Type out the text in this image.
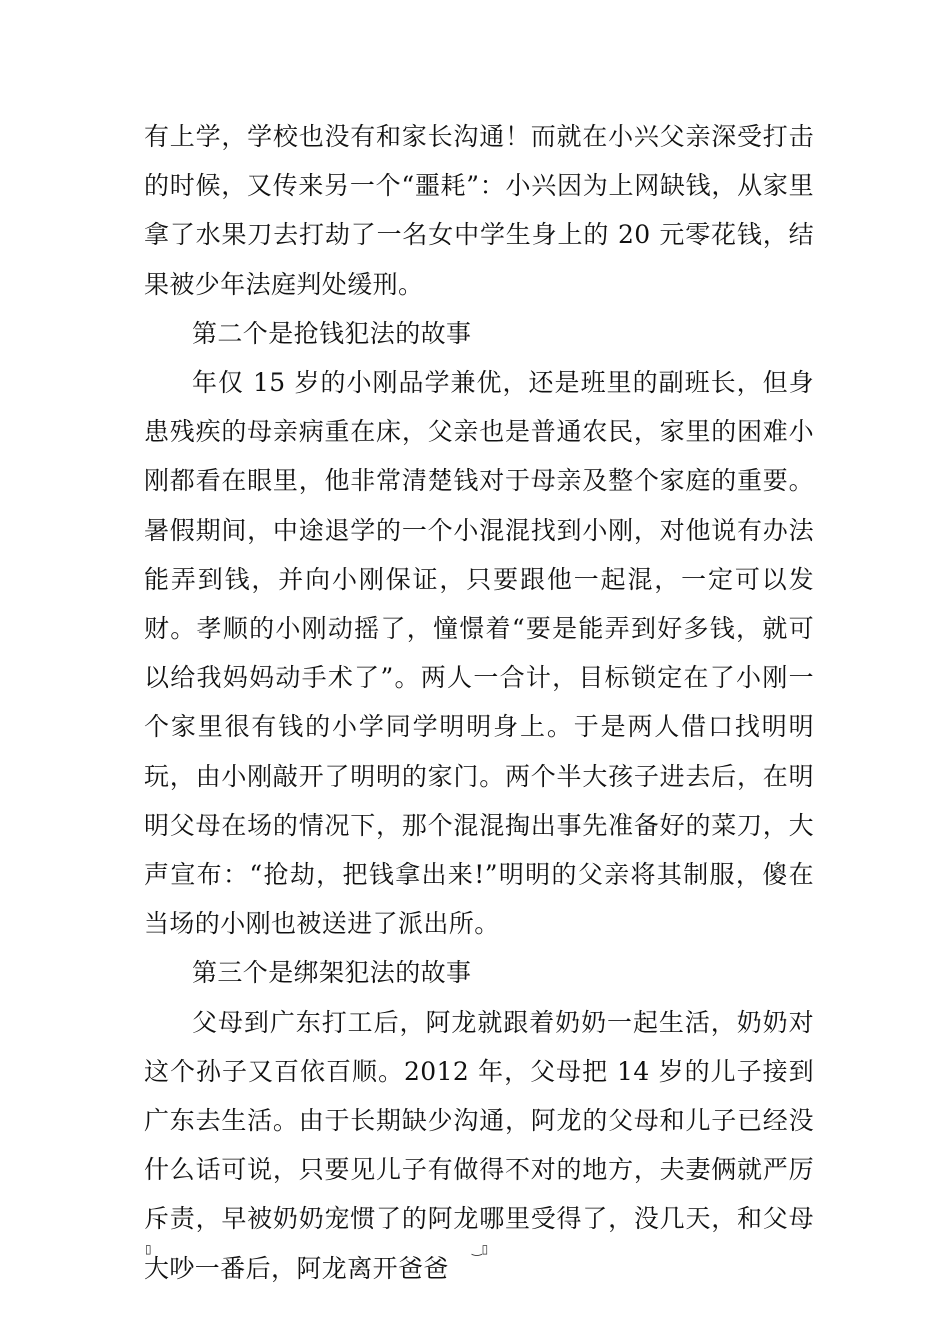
有上学，学校也没有和家长沟通！而就在小兴父亲深受打击的时候，又传来另一个“噩耗”：小兴因为上网缺钱，从家里拿了水果刀去打劫了一名女中学生身上的 20 元零花钱，结果被少年法庭判处缓刑。

第二个是抢钱犯法的故事

年仅 15 岁的小刚品学兼优，还是班里的副班长，但身患残疾的母亲病重在床，父亲也是普通农民，家里的困难小刚都看在眼里，他非常清楚钱对于母亲及整个家庭的重要。暑假期间，中途退学的一个小混混找到小刚，对他说有办法能弄到钱，并向小刚保证，只要跟他一起混，一定可以发财。孝顺的小刚动摇了，憧憬着“要是能弄到好多钱，就可以给我妈妈动手术了”。两人一合计，目标锁定在了小刚一个家里很有钱的小学同学明明身上。于是两人借口找明明玩，由小刚敲开了明明的家门。两个半大孩子进去后，在明明父母在场的情况下，那个混混掏出事先准备好的菜刀，大声宣布：“抢劫，把钱拿出来!”明明的父亲将其制服，傻在当场的小刚也被送进了派出所。

第三个是绑架犯法的故事

父母到广东打工后，阿龙就跟着奶奶一起生活，奶奶对这个孙子又百依百顺。2012 年，父母把 14 岁的儿子接到广东去生活。由于长期缺少沟通，阿龙的父母和儿子已经没什么话可说，只要见儿子有做得不对的地方，夫妻俩就严厉斥责，早被奶奶宠惯了的阿龙哪里受得了，没几天，和父母大吵一番后，阿龙离开爸爸

▯	‿▯
